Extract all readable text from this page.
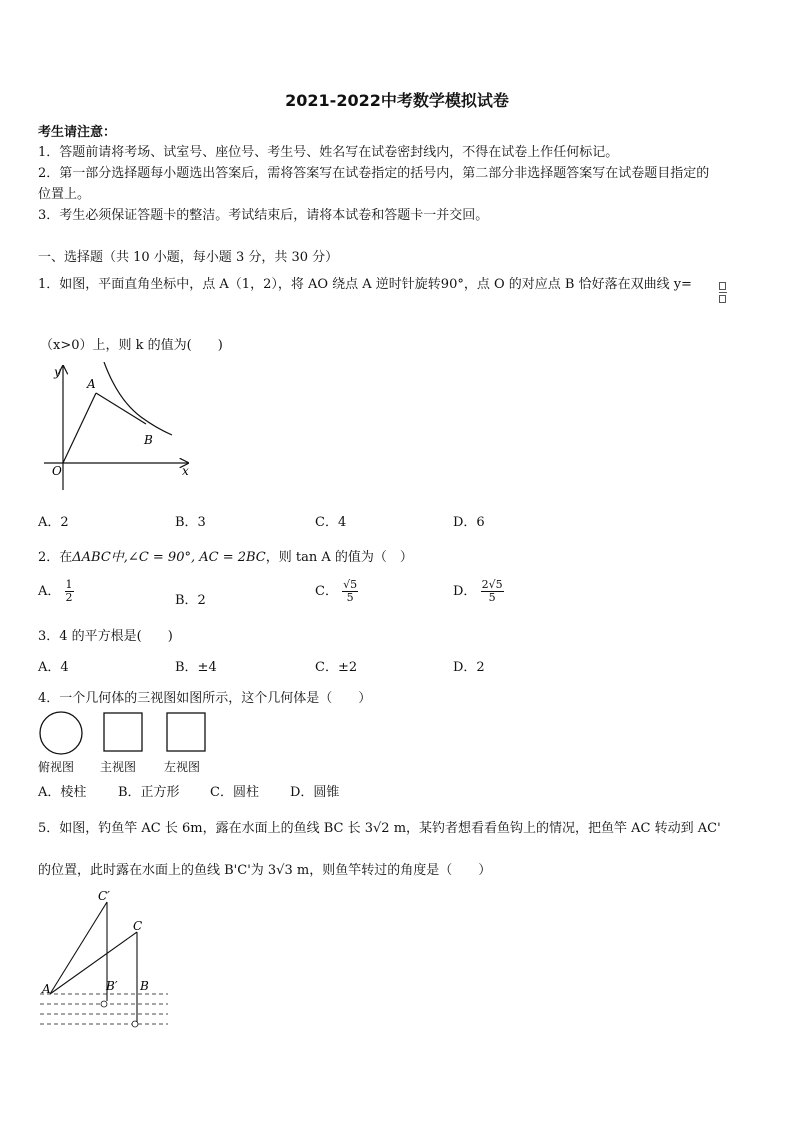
2021-2022中考数学模拟试卷
考生请注意：
1．答题前请将考场、试室号、座位号、考生号、姓名写在试卷密封线内，不得在试卷上作任何标记。
2．第一部分选择题每小题选出答案后，需将答案写在试卷指定的括号内，第二部分非选择题答案写在试卷题目指定的
位置上。
3．考生必须保证答题卡的整洁。考试结束后，请将本试卷和答题卡一并交回。
一、选择题（共 10 小题，每小题 3 分，共 30 分）
1．如图，平面直角坐标中，点 A（1，2），将 AO 绕点 A 逆时针旋转90°，点 O 的对应点 B 恰好落在双曲线 y=
（x>0）上，则 k 的值为(　　)
y
x
O
A
B
A．2	B．3	C．4	D．6
2．在ΔABC中,∠C = 90°, AC = 2BC，则 tan A 的值为（　）
A． $\frac{1}{2}$	B．2
C． $\frac{√5}{5}$	D． $\frac{2√5}{5}$
3．4 的平方根是(　　)
A．4	B．±4	C．±2	D．2
4．一个几何体的三视图如图所示，这个几何体是（　　）
俯视图 主视图 左视图
A．棱柱 B．正方形 C．圆柱 D．圆锥
5．如图，钓鱼竿 AC 长 6m，露在水面上的鱼线 BC 长 3√2 m，某钓者想看看鱼钩上的情况，把鱼竿 AC 转动到 AC'
的位置，此时露在水面上的鱼线 B'C'为 3√3 m，则鱼竿转过的角度是（　　）
C′
C
A	B′ B
